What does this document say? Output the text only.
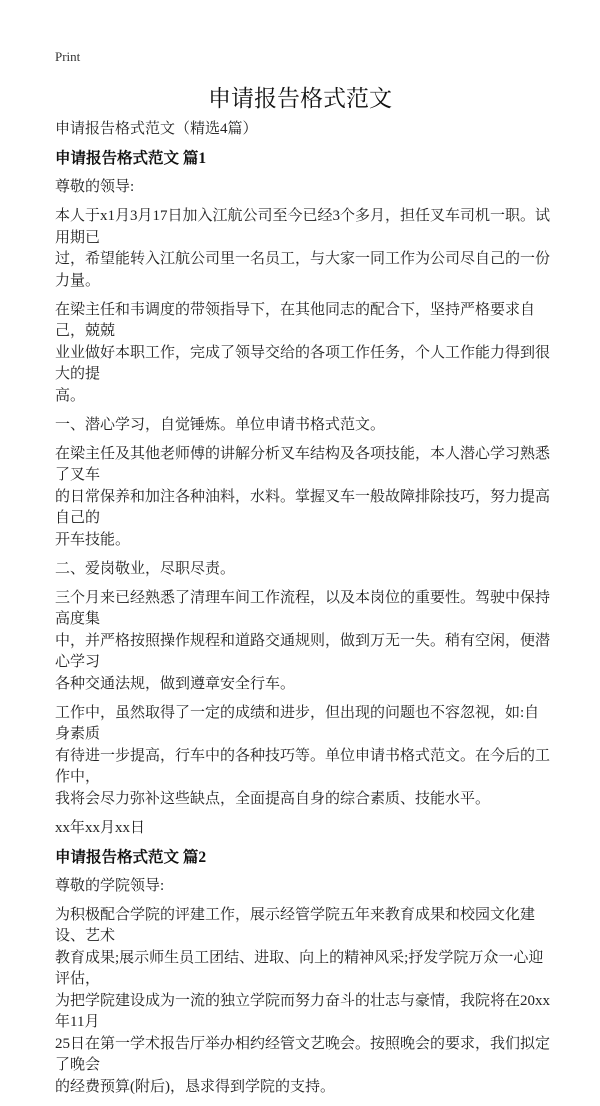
Print
申请报告格式范文
申请报告格式范文（精选4篇）
申请报告格式范文 篇1
尊敬的领导:
本人于x1月3月17日加入江航公司至今已经3个多月，担任叉车司机一职。试用期已
过，希望能转入江航公司里一名员工，与大家一同工作为公司尽自己的一份力量。
在梁主任和韦调度的带领指导下，在其他同志的配合下，坚持严格要求自己，兢兢
业业做好本职工作，完成了领导交给的各项工作任务，个人工作能力得到很大的提
高。
一、潜心学习，自觉锤炼。单位申请书格式范文。
在梁主任及其他老师傅的讲解分析叉车结构及各项技能，本人潜心学习熟悉了叉车
的日常保养和加注各种油料，水料。掌握叉车一般故障排除技巧，努力提高自己的
开车技能。
二、爱岗敬业，尽职尽责。
三个月来已经熟悉了清理车间工作流程，以及本岗位的重要性。驾驶中保持高度集
中，并严格按照操作规程和道路交通规则，做到万无一失。稍有空闲，便潜心学习
各种交通法规，做到遵章安全行车。
工作中，虽然取得了一定的成绩和进步，但出现的问题也不容忽视，如:自身素质
有待进一步提高，行车中的各种技巧等。单位申请书格式范文。在今后的工作中，
我将会尽力弥补这些缺点，全面提高自身的综合素质、技能水平。
xx年xx月xx日
申请报告格式范文 篇2
尊敬的学院领导:
为积极配合学院的评建工作，展示经管学院五年来教育成果和校园文化建设、艺术
教育成果;展示师生员工团结、进取、向上的精神风采;抒发学院万众一心迎评估，
为把学院建设成为一流的独立学院而努力奋斗的壮志与豪情，我院将在20xx年11月
25日在第一学术报告厅举办相约经管文艺晚会。按照晚会的要求，我们拟定了晚会
的经费预算(附后)，恳求得到学院的支持。
